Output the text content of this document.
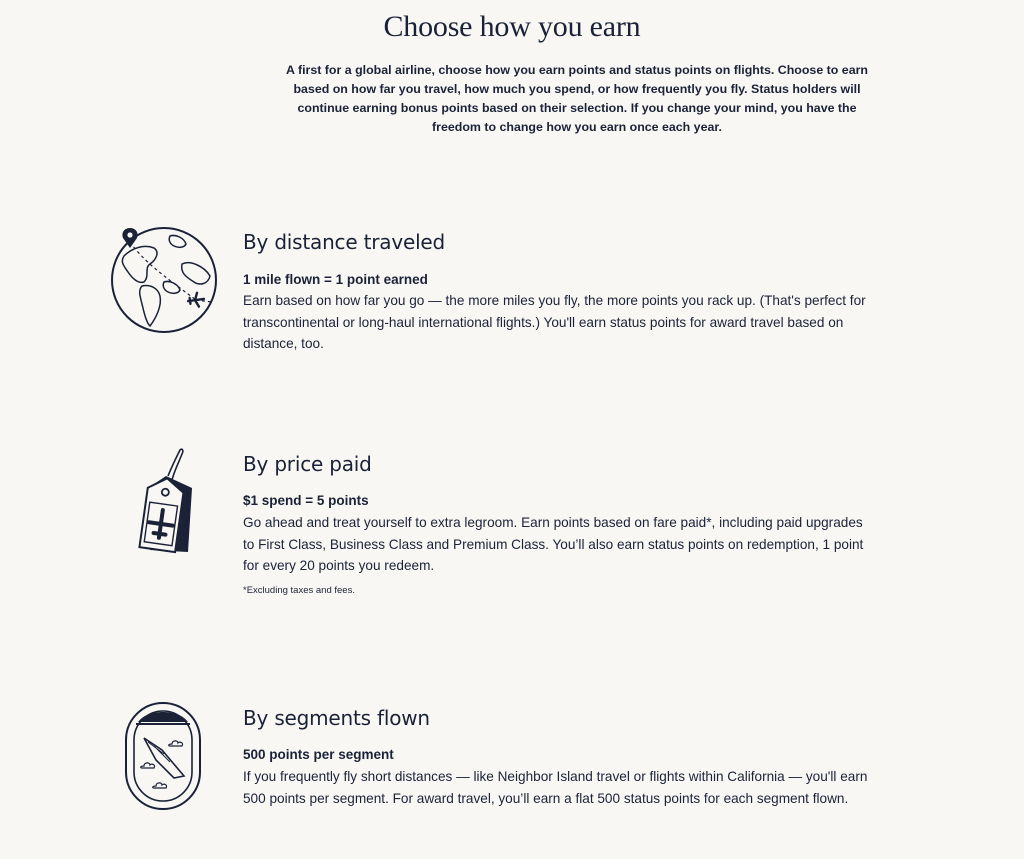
Choose how you earn

A first for a global airline, choose how you earn points and status points on flights. Choose to earn based on how far you travel, how much you spend, or how frequently you fly. Status holders will continue earning bonus points based on their selection. If you change your mind, you have the freedom to change how you earn once each year.

By distance traveled

1 mile flown = 1 point earned

Earn based on how far you go — the more miles you fly, the more points you rack up. (That's perfect for transcontinental or long-haul international flights.) You'll earn status points for award travel based on distance, too.

By price paid

$1 spend = 5 points

Go ahead and treat yourself to extra legroom. Earn points based on fare paid*, including paid upgrades to First Class, Business Class and Premium Class. You’ll also earn status points on redemption, 1 point for every 20 points you redeem.

*Excluding taxes and fees.

By segments flown

500 points per segment

If you frequently fly short distances — like Neighbor Island travel or flights within California — you'll earn 500 points per segment. For award travel, you’ll earn a flat 500 status points for each segment flown.
